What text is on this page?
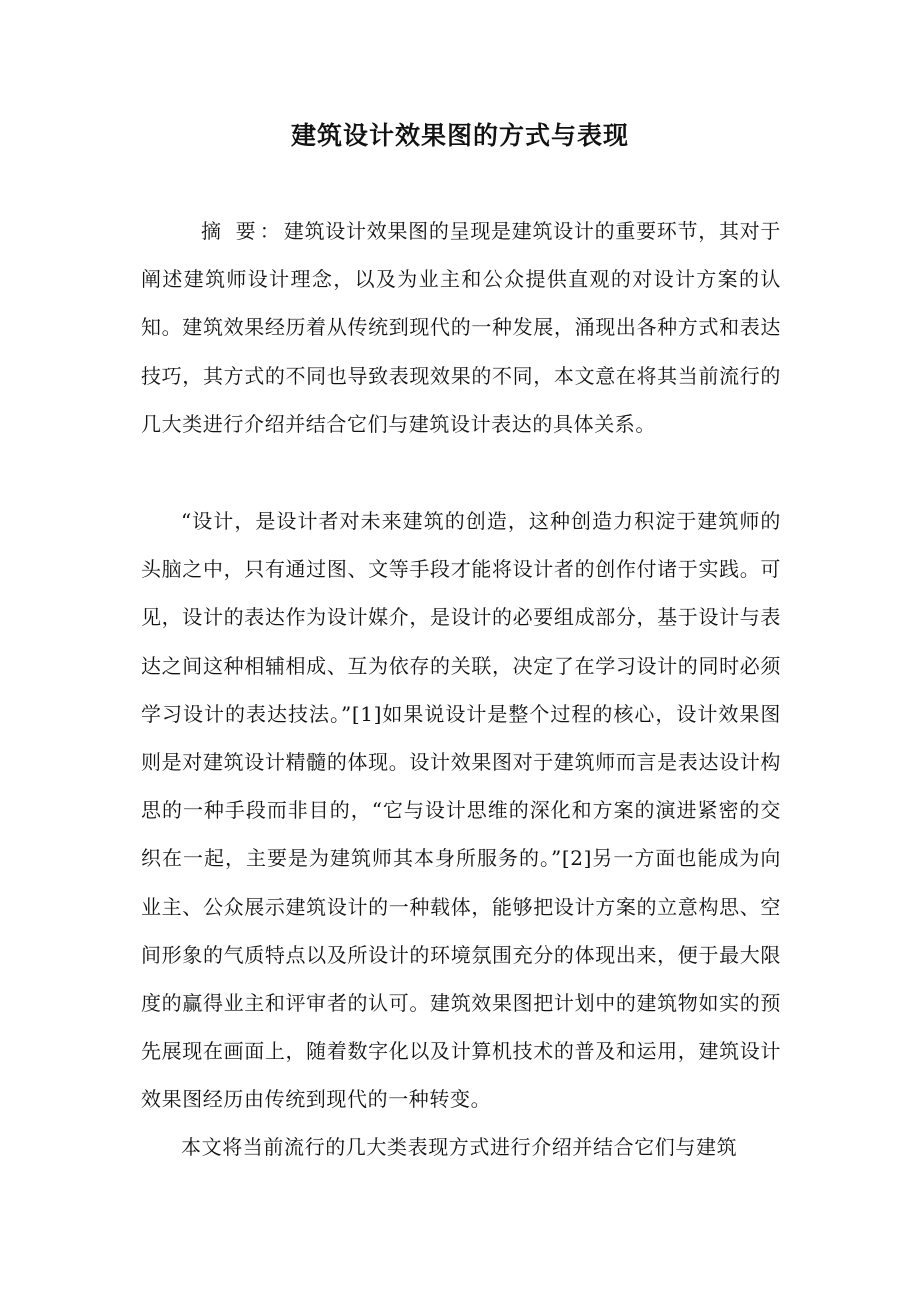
建筑设计效果图的方式与表现

摘 要：建筑设计效果图的呈现是建筑设计的重要环节，其对于阐述建筑师设计理念，以及为业主和公众提供直观的对设计方案的认知。建筑效果经历着从传统到现代的一种发展，涌现出各种方式和表达技巧，其方式的不同也导致表现效果的不同，本文意在将其当前流行的几大类进行介绍并结合它们与建筑设计表达的具体关系。

“设计，是设计者对未来建筑的创造，这种创造力积淀于建筑师的头脑之中，只有通过图、文等手段才能将设计者的创作付诸于实践。可见，设计的表达作为设计媒介，是设计的必要组成部分，基于设计与表达之间这种相辅相成、互为依存的关联，决定了在学习设计的同时必须学习设计的表达技法。”[1]如果说设计是整个过程的核心，设计效果图则是对建筑设计精髓的体现。设计效果图对于建筑师而言是表达设计构思的一种手段而非目的，“它与设计思维的深化和方案的演进紧密的交织在一起，主要是为建筑师其本身所服务的。”[2]另一方面也能成为向业主、公众展示建筑设计的一种载体，能够把设计方案的立意构思、空间形象的气质特点以及所设计的环境氛围充分的体现出来，便于最大限度的赢得业主和评审者的认可。建筑效果图把计划中的建筑物如实的预先展现在画面上，随着数字化以及计算机技术的普及和运用，建筑设计效果图经历由传统到现代的一种转变。

本文将当前流行的几大类表现方式进行介绍并结合它们与建筑
